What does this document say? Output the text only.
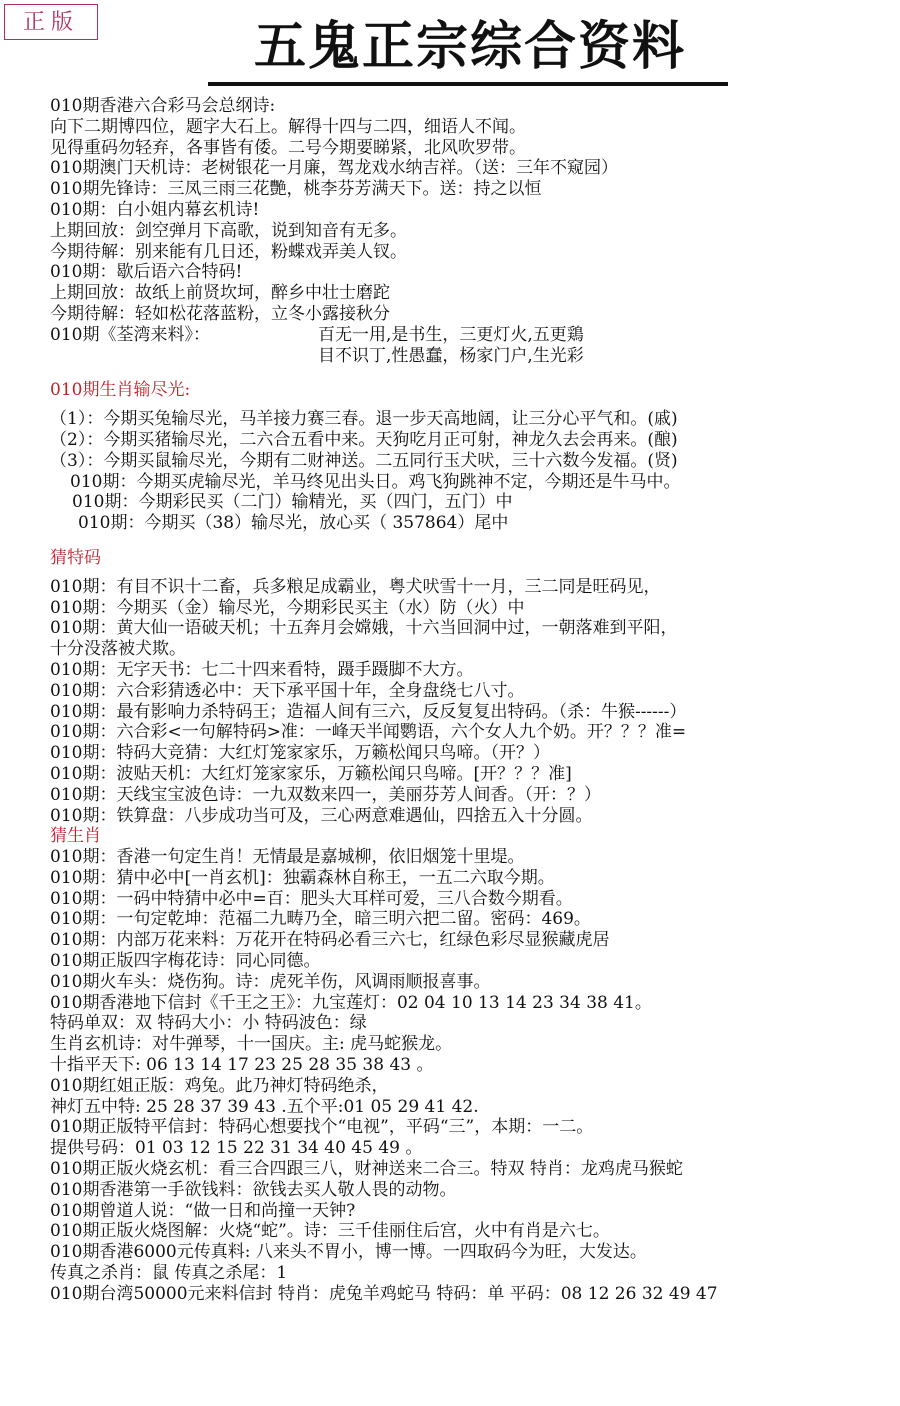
正版	五鬼正宗综合资料
010期香港六合彩马会总纲诗:
向下二期博四位，题字大石上。解得十四与二四，细语人不闻。
见得重码勿轻弃，各事皆有倭。二号今期要睇紧，北风吹罗带。
010期澳门天机诗：老树银花一月廉，驾龙戏水纳吉祥。（送：三年不窥园）
010期先锋诗：三凤三雨三花艷，桃李芬芳满天下。送：持之以恒
010期：白小姐内幕玄机诗!
上期回放：剑空弹月下高歌，说到知音有无多。
今期待解：别来能有几日还，粉蝶戏弄美人钗。
010期：歇后语六合特码!
上期回放：故纸上前贤坎坷，醉乡中壮士磨跎
今期待解：轻如松花落蓝粉，立冬小露接秋分
010期《荃湾来料》：	百无一用,是书生，三更灯火,五更鶏
目不识丁,性愚蠢，杨家门户,生光彩
010期生肖输尽光:
（1）：今期买兔输尽光，马羊接力赛三春。退一步天高地阔，让三分心平气和。(戚)
（2）：今期买猪输尽光，二六合五看中来。天狗吃月正可射，神龙久去会再来。(酿)
（3）：今期买鼠输尽光，今期有二财神送。二五同行玉犬吠，三十六数今发福。(贤)
010期：今期买虎输尽光，羊马终见出头日。鸡飞狗跳神不定，今期还是牛马中。
010期：今期彩民买（二门）输精光，买（四门，五门）中
010期：今期买（38）输尽光，放心买（ 357864）尾中
猜特码
010期：有目不识十二畜，兵多粮足成霸业，粤犬吠雪十一月，三二同是旺码见，
010期：今期买（金）输尽光，今期彩民买主（水）防（火）中
010期：黄大仙一语破天机；十五奔月会嫦娥，十六当回洞中过，一朝落难到平阳，
十分没落被犬欺。
010期：无字天书：七二十四来看特，蹑手蹑脚不大方。
010期：六合彩猜透必中：天下承平国十年，全身盘绕七八寸。
010期：最有影响力杀特码王；造福人间有三六，反反复复出特码。（杀：牛猴------）
010期：六合彩<一句解特码>准：一峰天半闻鹦语，六个女人九个奶。开？？？准=
010期：特码大竞猜：大红灯笼家家乐，万籁松闻只鸟啼。（开？）
010期：波贴天机：大红灯笼家家乐，万籁松闻只鸟啼。[开？？？准]
010期：天线宝宝波色诗：一九双数来四一，美丽芬芳人间香。（开：？）
010期：铁算盘：八步成功当可及，三心两意难遇仙，四捨五入十分圆。
猜生肖
010期：香港一句定生肖！无情最是嘉城柳，依旧烟笼十里堤。
010期：猜中必中[一肖玄机]：独霸森林自称王，一五二六取今期。
010期：一码中特猜中必中=百：肥头大耳样可爱，三八合数今期看。
010期：一句定乾坤：范福二九畴乃全，暗三明六把二留。密码：469。
010期：内部万花来料：万花开在特码必看三六七，红绿色彩尽显猴藏虎居
010期正版四字梅花诗：同心同德。
010期火车头：烧伤狗。诗：虎死羊伤，风调雨顺报喜事。
010期香港地下信封《千王之王》：九宝莲灯：02 04 10 13 14 23 34 38 41。
特码单双：双 特码大小：小 特码波色：绿
生肖玄机诗：对牛弹琴，十一国庆。主: 虎马蛇猴龙。
十指平天下: 06 13 14 17 23 25 28 35 38 43 。
010期红姐正版：鸡兔。此乃神灯特码绝杀，
神灯五中特: 25 28 37 39 43 .五个平:01 05 29 41 42.
010期正版特平信封：特码心想要找个“电视”，平码“三”，本期：一二。
提供号码：01 03 12 15 22 31 34 40 45 49 。
010期正版火烧玄机：看三合四跟三八，财神送来二合三。特双 特肖：龙鸡虎马猴蛇
010期香港第一手欲钱料：欲钱去买人敬人畏的动物。
010期曾道人说：“做一日和尚撞一天钟?
010期正版火烧图解：火烧“蛇”。诗：三千佳丽住后宫，火中有肖是六七。
010期香港6000元传真料: 八来头不胃小，博一博。一四取码今为旺，大发达。
传真之杀肖：鼠 传真之杀尾：1
010期台湾50000元来料信封 特肖：虎兔羊鸡蛇马 特码：单 平码：08 12 26 32 49 47
